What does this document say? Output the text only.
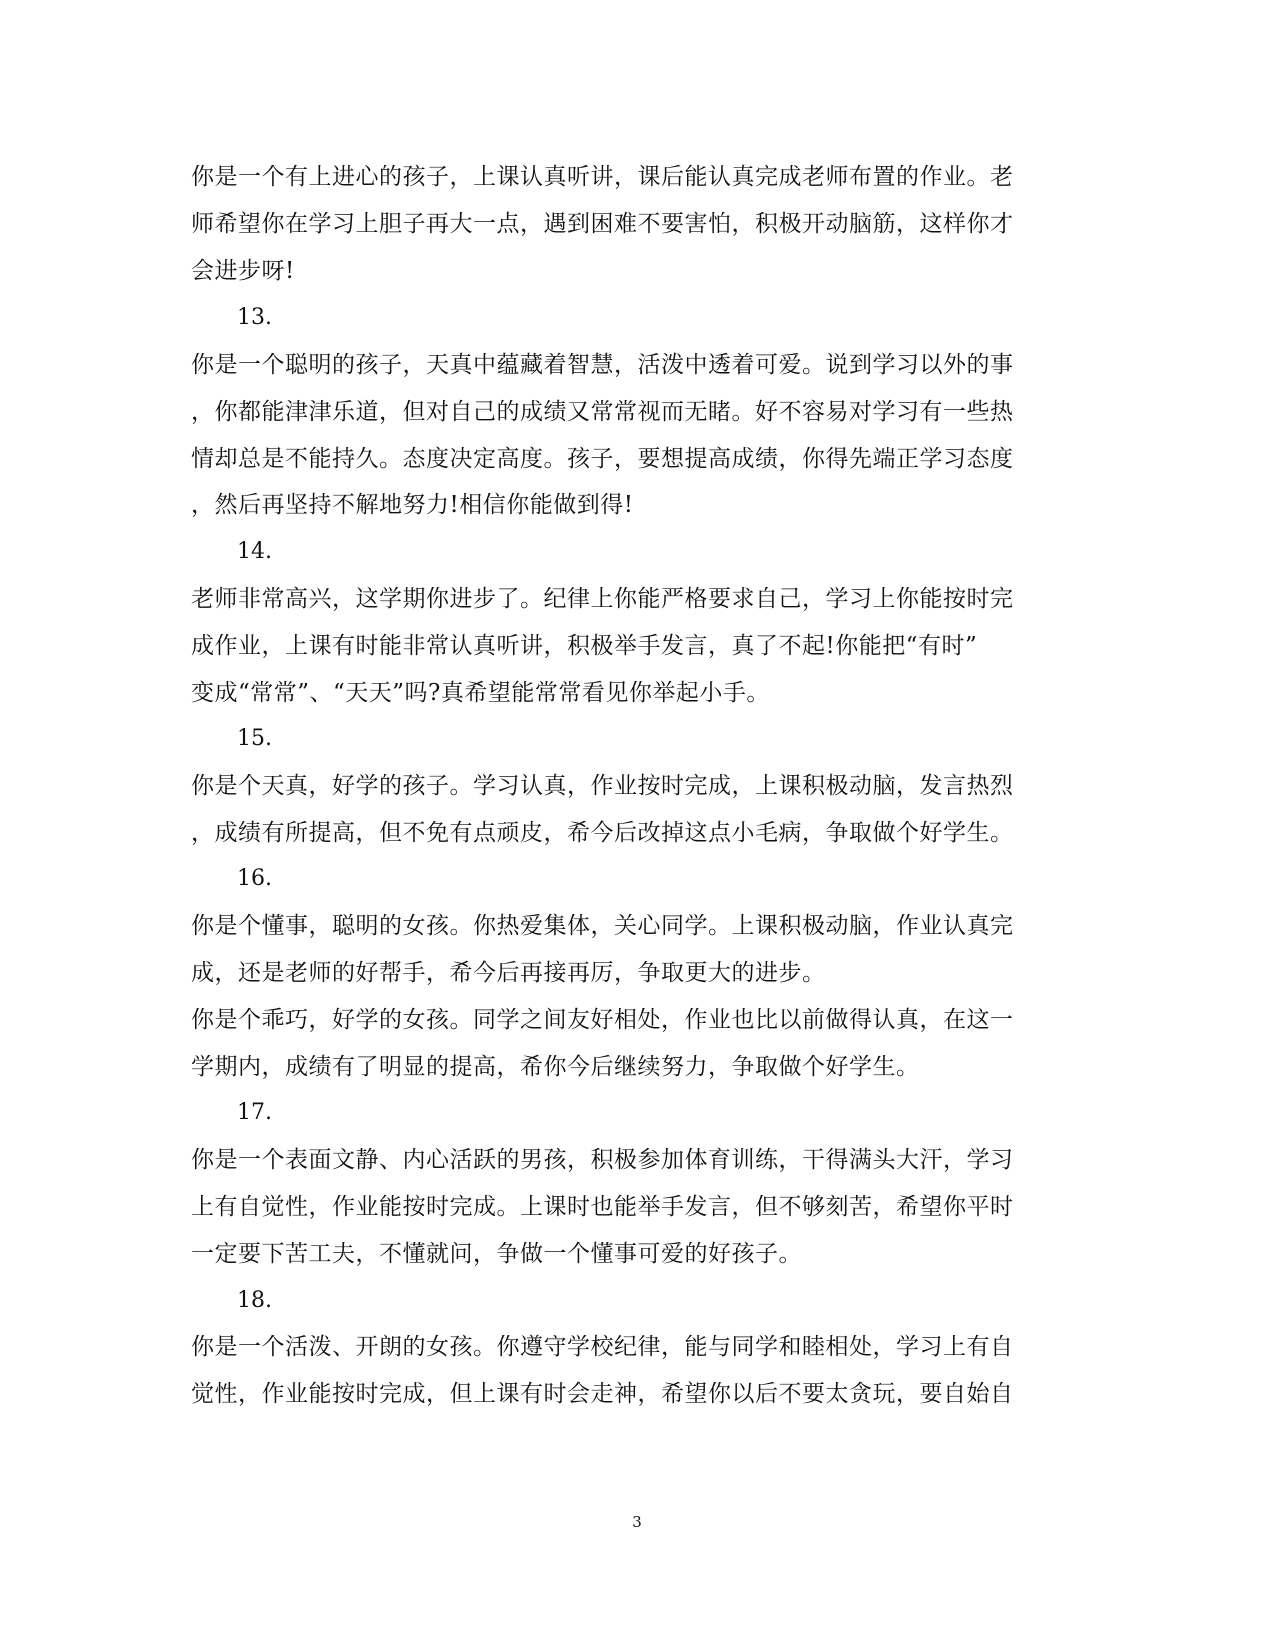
你是一个有上进心的孩子，上课认真听讲，课后能认真完成老师布置的作业。老
师希望你在学习上胆子再大一点，遇到困难不要害怕，积极开动脑筋，这样你才
会进步呀!
13.
你是一个聪明的孩子，天真中蕴藏着智慧，活泼中透着可爱。说到学习以外的事
，你都能津津乐道，但对自己的成绩又常常视而无睹。好不容易对学习有一些热
情却总是不能持久。态度决定高度。孩子，要想提高成绩，你得先端正学习态度
，然后再坚持不解地努力!相信你能做到得!
14.
老师非常高兴，这学期你进步了。纪律上你能严格要求自己，学习上你能按时完
成作业，上课有时能非常认真听讲，积极举手发言，真了不起!你能把“有时”
变成“常常”、“天天”吗?真希望能常常看见你举起小手。
15.
你是个天真，好学的孩子。学习认真，作业按时完成，上课积极动脑，发言热烈
，成绩有所提高，但不免有点顽皮，希今后改掉这点小毛病，争取做个好学生。
16.
你是个懂事，聪明的女孩。你热爱集体，关心同学。上课积极动脑，作业认真完
成，还是老师的好帮手，希今后再接再厉，争取更大的进步。
你是个乖巧，好学的女孩。同学之间友好相处，作业也比以前做得认真，在这一
学期内，成绩有了明显的提高，希你今后继续努力，争取做个好学生。
17.
你是一个表面文静、内心活跃的男孩，积极参加体育训练，干得满头大汗，学习
上有自觉性，作业能按时完成。上课时也能举手发言，但不够刻苦，希望你平时
一定要下苦工夫，不懂就问，争做一个懂事可爱的好孩子。
18.
你是一个活泼、开朗的女孩。你遵守学校纪律，能与同学和睦相处，学习上有自
觉性，作业能按时完成，但上课有时会走神，希望你以后不要太贪玩，要自始自
3
